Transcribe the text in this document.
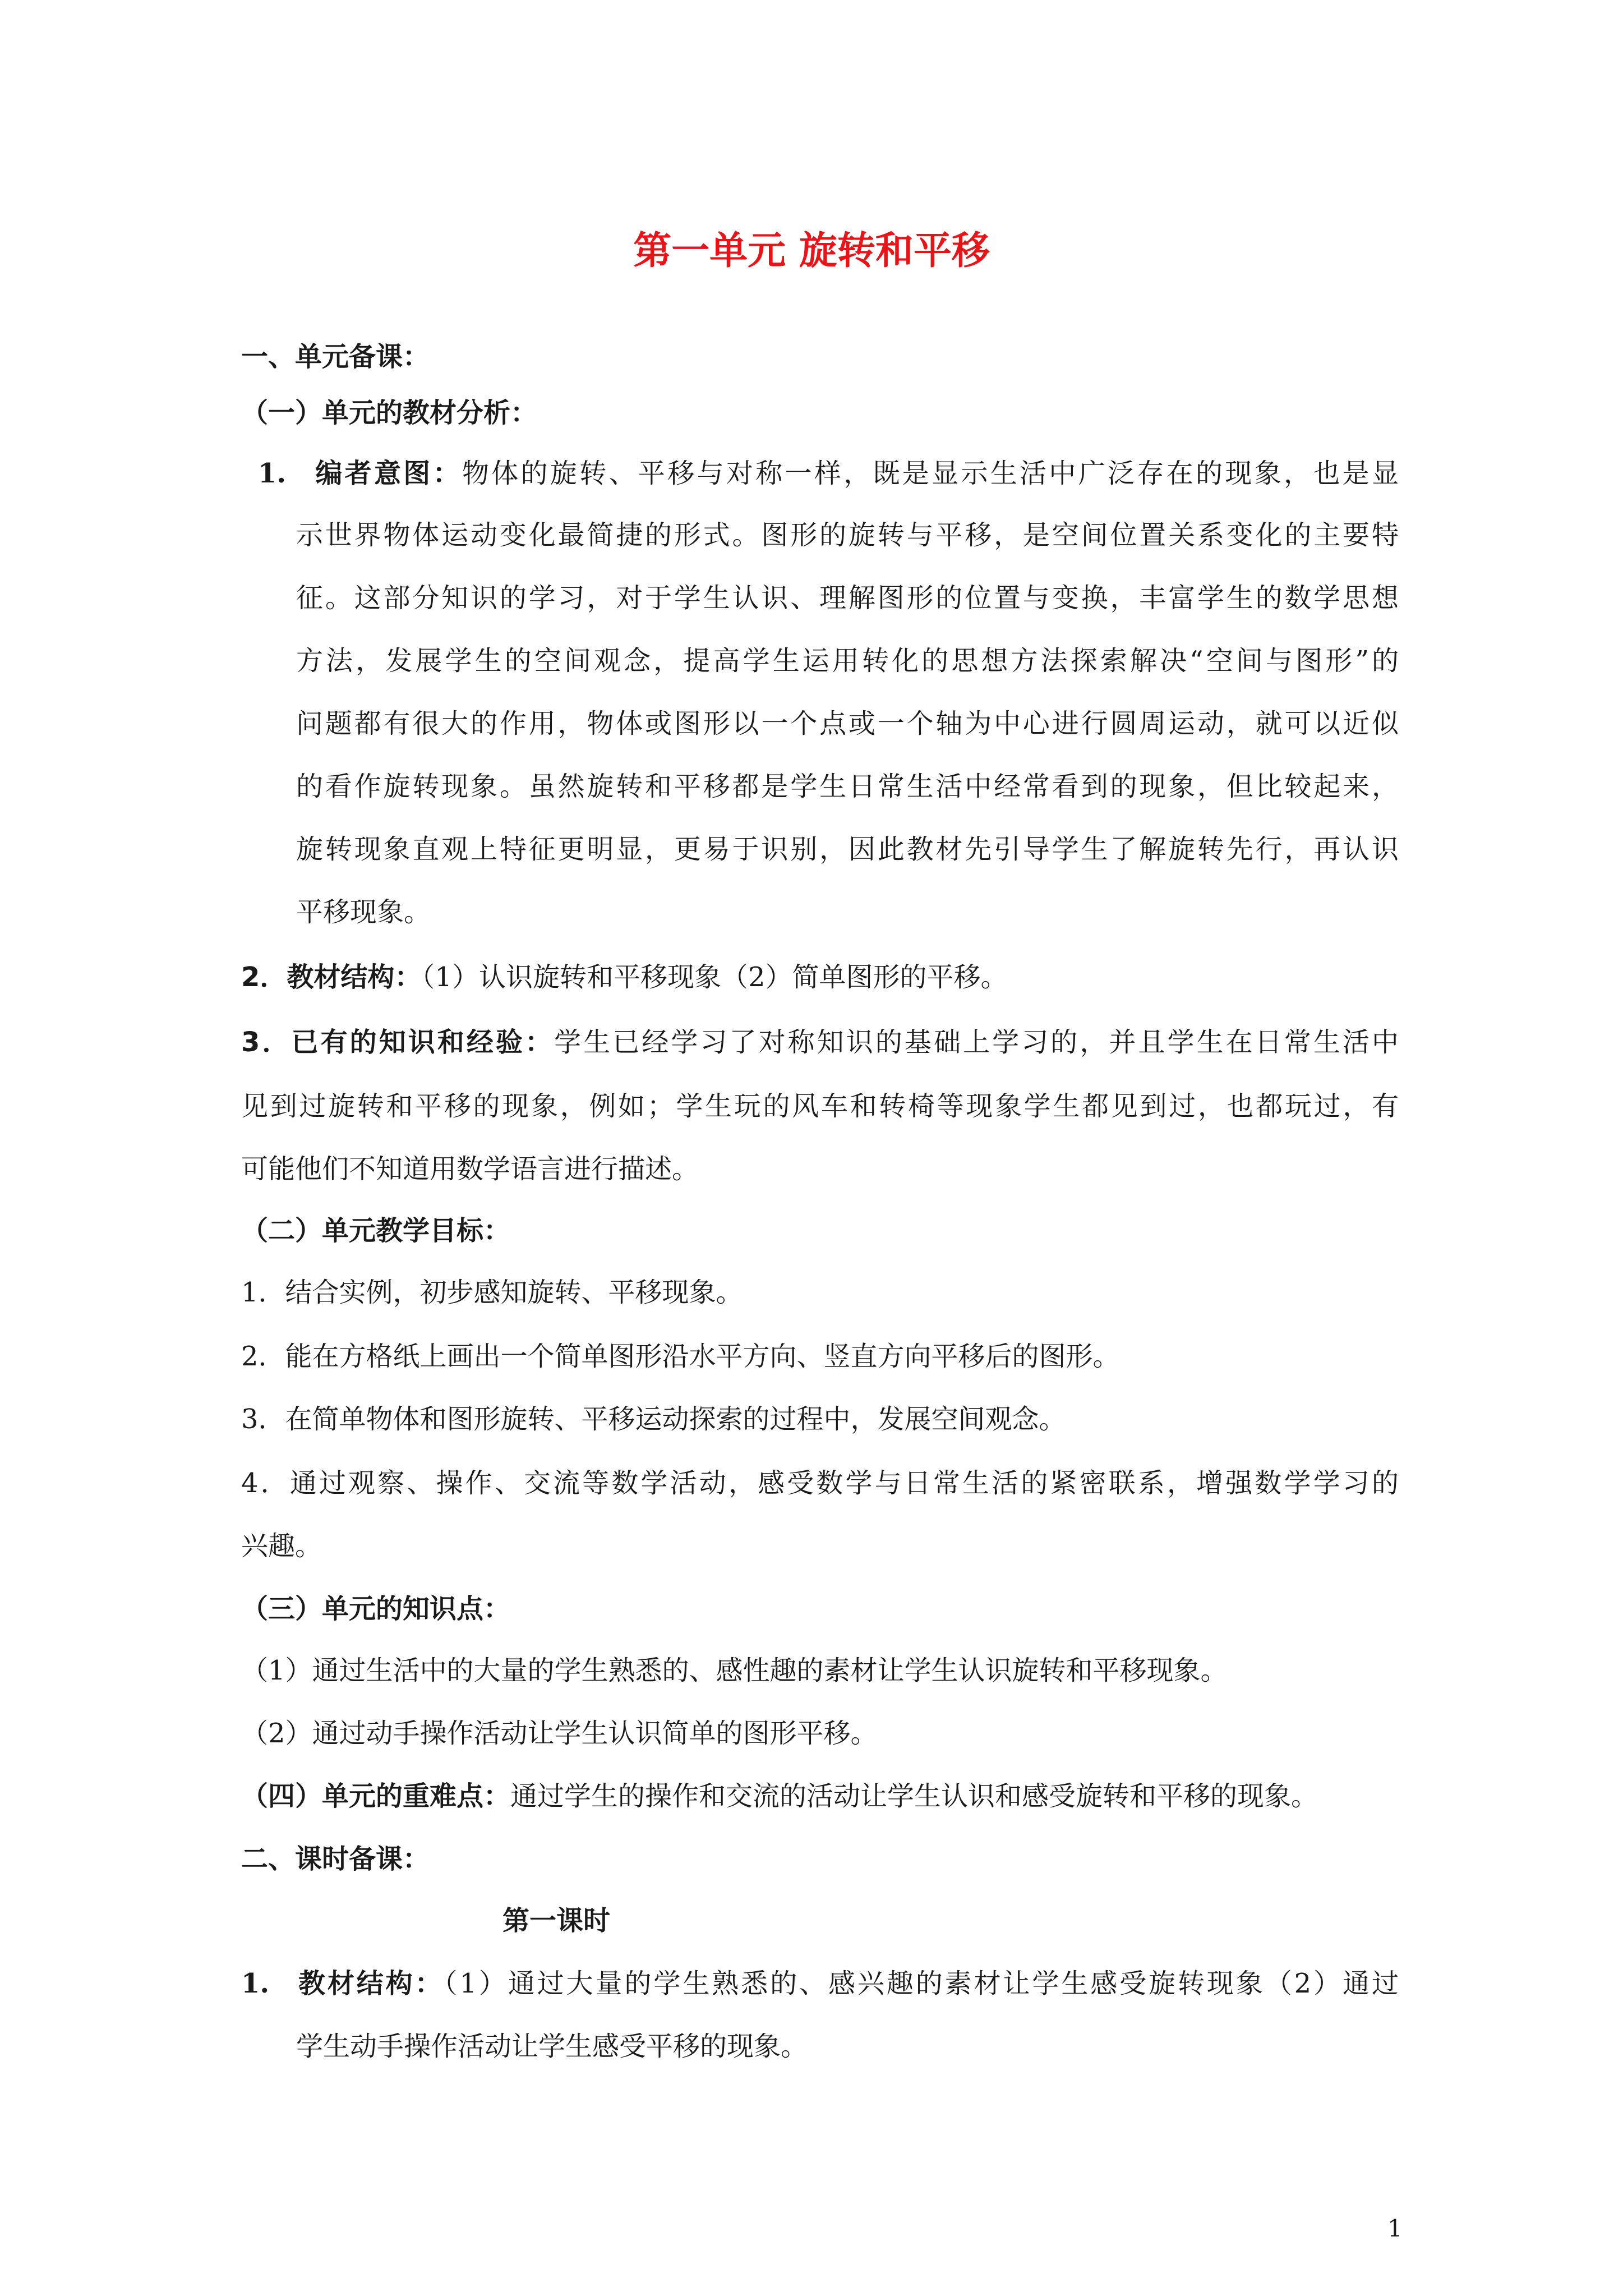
第一单元 旋转和平移
一、单元备课：
（一）单元的教材分析：
1. 编者意图：物体的旋转、平移与对称一样，既是显示生活中广泛存在的现象，也是显
示世界物体运动变化最简捷的形式。图形的旋转与平移，是空间位置关系变化的主要特
征。这部分知识的学习，对于学生认识、理解图形的位置与变换，丰富学生的数学思想
方法，发展学生的空间观念，提高学生运用转化的思想方法探索解决“空间与图形”的
问题都有很大的作用，物体或图形以一个点或一个轴为中心进行圆周运动，就可以近似
的看作旋转现象。虽然旋转和平移都是学生日常生活中经常看到的现象，但比较起来，
旋转现象直观上特征更明显，更易于识别，因此教材先引导学生了解旋转先行，再认识
平移现象。
2．教材结构：（1）认识旋转和平移现象（2）简单图形的平移。
3．已有的知识和经验：学生已经学习了对称知识的基础上学习的，并且学生在日常生活中
见到过旋转和平移的现象，例如；学生玩的风车和转椅等现象学生都见到过，也都玩过，有
可能他们不知道用数学语言进行描述。
（二）单元教学目标：
1．结合实例，初步感知旋转、平移现象。
2．能在方格纸上画出一个简单图形沿水平方向、竖直方向平移后的图形。
3．在简单物体和图形旋转、平移运动探索的过程中，发展空间观念。
4．通过观察、操作、交流等数学活动，感受数学与日常生活的紧密联系，增强数学学习的
兴趣。
（三）单元的知识点：
（1）通过生活中的大量的学生熟悉的、感性趣的素材让学生认识旋转和平移现象。
（2）通过动手操作活动让学生认识简单的图形平移。
（四）单元的重难点：通过学生的操作和交流的活动让学生认识和感受旋转和平移的现象。
二、课时备课：
第一课时
1. 教材结构：（1）通过大量的学生熟悉的、感兴趣的素材让学生感受旋转现象（2）通过
学生动手操作活动让学生感受平移的现象。
1
